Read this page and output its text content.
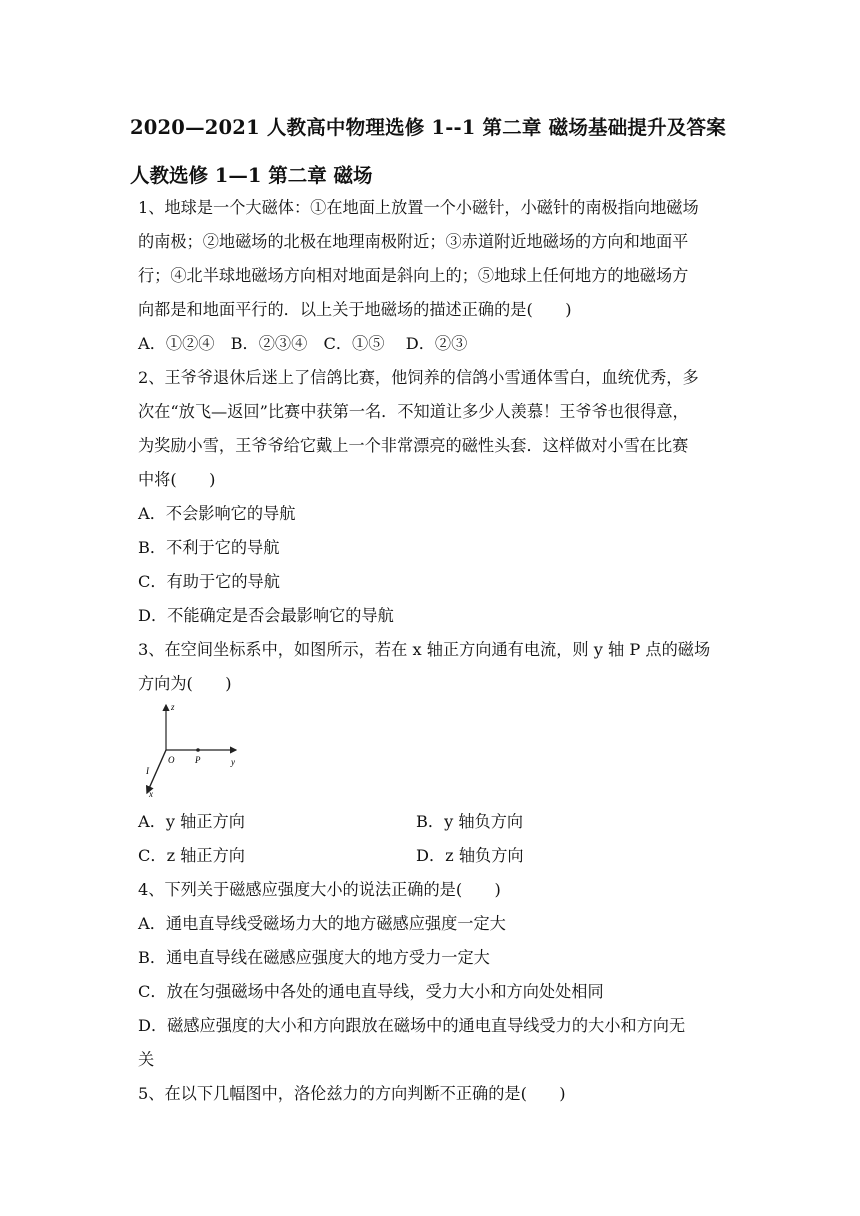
2020—2021 人教高中物理选修 1--1 第二章 磁场基础提升及答案
人教选修 1—1 第二章 磁场
1、地球是一个大磁体：①在地面上放置一个小磁针，小磁针的南极指向地磁场
的南极；②地磁场的北极在地理南极附近；③赤道附近地磁场的方向和地面平
行；④北半球地磁场方向相对地面是斜向上的；⑤地球上任何地方的地磁场方
向都是和地面平行的．以上关于地磁场的描述正确的是(　　)
A．①②④　B．②③④　C．①⑤　 D．②③
2、王爷爷退休后迷上了信鸽比赛，他饲养的信鸽小雪通体雪白，血统优秀，多
次在“放飞—返回”比赛中获第一名．不知道让多少人羡慕！王爷爷也很得意，
为奖励小雪，王爷爷给它戴上一个非常漂亮的磁性头套．这样做对小雪在比赛
中将(　　)
A．不会影响它的导航
B．不利于它的导航
C．有助于它的导航
D．不能确定是否会最影响它的导航
3、在空间坐标系中，如图所示，若在 x 轴正方向通有电流，则 y 轴 P 点的磁场
方向为(　　)
z
O P	y
I
x
A．y 轴正方向	B．y 轴负方向
C．z 轴正方向	D．z 轴负方向
4、下列关于磁感应强度大小的说法正确的是(　　)
A．通电直导线受磁场力大的地方磁感应强度一定大
B．通电直导线在磁感应强度大的地方受力一定大
C．放在匀强磁场中各处的通电直导线，受力大小和方向处处相同
D．磁感应强度的大小和方向跟放在磁场中的通电直导线受力的大小和方向无
关
5、在以下几幅图中，洛伦兹力的方向判断不正确的是(　　)
